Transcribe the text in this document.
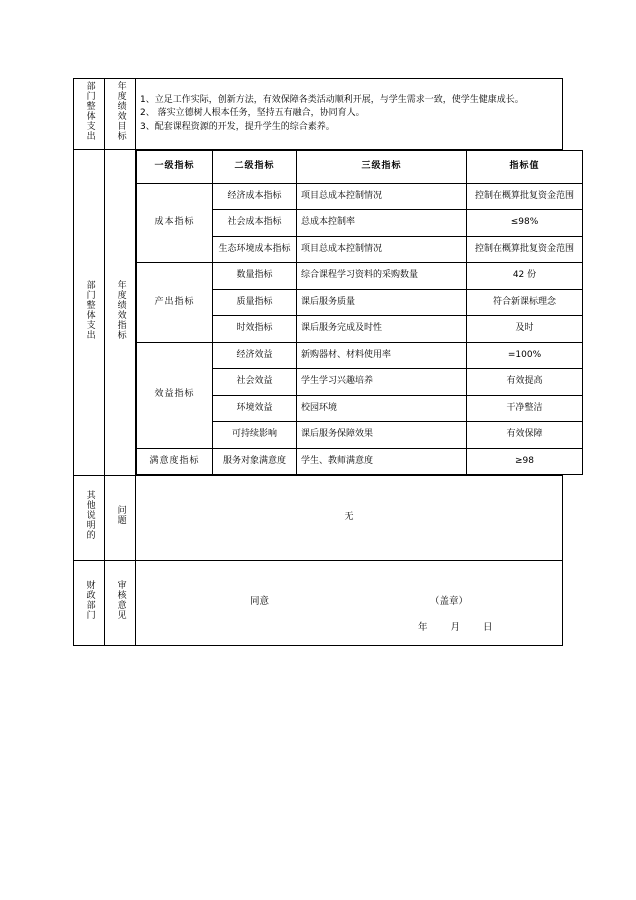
部门整体支出	年度绩效目标	1、立足工作实际，创新方法，有效保障各类活动顺利开展，与学生需求一致，使学生健康成长。
2、 落实立德树人根本任务，坚持五有融合，协同育人。
3、配套课程资源的开发，提升学生的综合素养。

部门整体支出	年度绩效指标	
一级指标	二级指标	三级指标	指标值
成本指标	经济成本指标	项目总成本控制情况	控制在概算批复资金范围
社会成本指标	总成本控制率	≤98%
生态环境成本指标	项目总成本控制情况	控制在概算批复资金范围
产出指标	数量指标	综合课程学习资料的采购数量	42 份
质量指标	课后服务质量	符合新课标理念
时效指标	课后服务完成及时性	及时
效益指标	经济效益	新购器材、材料使用率	=100%
社会效益	学生学习兴趣培养	有效提高
环境效益	校园环境	干净整洁
可持续影响	课后服务保障效果	有效保障
满意度指标	服务对象满意度	学生、教师满意度	≥98

其他说明的	问题	无
财政部门	审核意见	同意	（盖章）
年 月 日
